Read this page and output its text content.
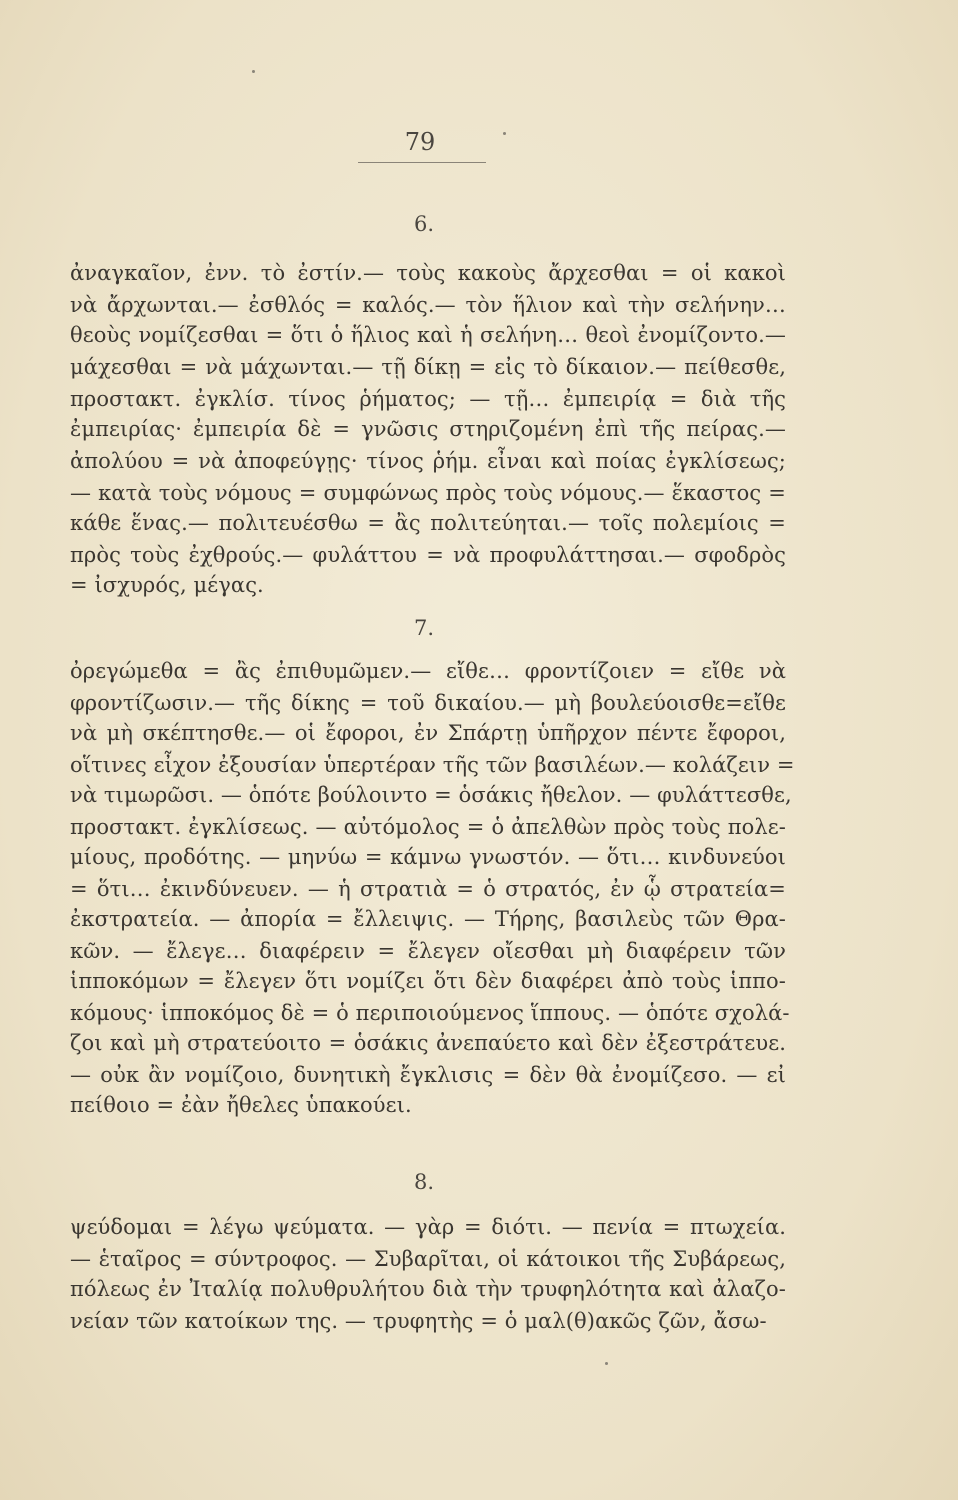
79
6.
ἀναγκαῖον, ἐνν. τὸ ἐστίν.— τοὺς κακοὺς ἄρχεσθαι = οἱ κακοὶ
νὰ ἄρχωνται.— ἐσθλός = καλός.— τὸν ἥλιον καὶ τὴν σελήνην…
θεοὺς νομίζεσθαι = ὅτι ὁ ἥλιος καὶ ἡ σελήνη… θεοὶ ἐνομίζοντο.—
μάχεσθαι = νὰ μάχωνται.— τῇ δίκῃ = εἰς τὸ δίκαιον.— πείθεσθε,
προστακτ. ἐγκλίσ. τίνος ῥήματος; — τῇ… ἐμπειρίᾳ = διὰ τῆς
ἐμπειρίας· ἐμπειρία δὲ = γνῶσις στηριζομένη ἐπὶ τῆς πείρας.—
ἀπολύου = νὰ ἀποφεύγῃς· τίνος ῥήμ. εἶναι καὶ ποίας ἐγκλίσεως;
— κατὰ τοὺς νόμους = συμφώνως πρὸς τοὺς νόμους.— ἕκαστος =
κάθε ἕνας.— πολιτευέσθω = ἂς πολιτεύηται.— τοῖς πολεμίοις =
πρὸς τοὺς ἐχθρούς.— φυλάττου = νὰ προφυλάττησαι.— σφοδρὸς
= ἰσχυρός, μέγας.
7.
ὀρεγώμεθα = ἂς ἐπιθυμῶμεν.— εἴθε… φροντίζοιεν = εἴθε νὰ
φροντίζωσιν.— τῆς δίκης = τοῦ δικαίου.— μὴ βουλεύοισθε=εἴθε
νὰ μὴ σκέπτησθε.— οἱ ἔφοροι, ἐν Σπάρτῃ ὑπῆρχον πέντε ἔφοροι,
οἵτινες εἶχον ἐξουσίαν ὑπερτέραν τῆς τῶν βασιλέων.— κολάζειν =
νὰ τιμωρῶσι. — ὁπότε βούλοιντο = ὁσάκις ἤθελον. — φυλάττεσθε,
προστακτ. ἐγκλίσεως. — αὐτόμολος = ὁ ἀπελθὼν πρὸς τοὺς πολε-
μίους, προδότης. — μηνύω = κάμνω γνωστόν. — ὅτι… κινδυνεύοι
= ὅτι… ἐκινδύνευεν. — ἡ στρατιὰ = ὁ στρατός, ἐν ᾧ στρατεία=
ἐκστρατεία. — ἀπορία = ἔλλειψις. — Τήρης, βασιλεὺς τῶν Θρα-
κῶν. — ἔλεγε… διαφέρειν = ἔλεγεν οἴεσθαι μὴ διαφέρειν τῶν
ἱπποκόμων = ἔλεγεν ὅτι νομίζει ὅτι δὲν διαφέρει ἀπὸ τοὺς ἱππο-
κόμους· ἱπποκόμος δὲ = ὁ περιποιούμενος ἵππους. — ὁπότε σχολά-
ζοι καὶ μὴ στρατεύοιτο = ὁσάκις ἀνεπαύετο καὶ δὲν ἐξεστράτευε.
— οὐκ ἂν νομίζοιο, δυνητικὴ ἔγκλισις = δὲν θὰ ἐνομίζεσο. — εἰ
πείθοιο = ἐὰν ἤθελες ὑπακούει.
8.
ψεύδομαι = λέγω ψεύματα. — γὰρ = διότι. — πενία = πτωχεία.
— ἑταῖρος = σύντροφος. — Συβαρῖται, οἱ κάτοικοι τῆς Συβάρεως,
πόλεως ἐν Ἰταλίᾳ πολυθρυλήτου διὰ τὴν τρυφηλότητα καὶ ἀλαζο-
νείαν τῶν κατοίκων της. — τρυφητὴς = ὁ μαλ(θ)ακῶς ζῶν, ἄσω-
